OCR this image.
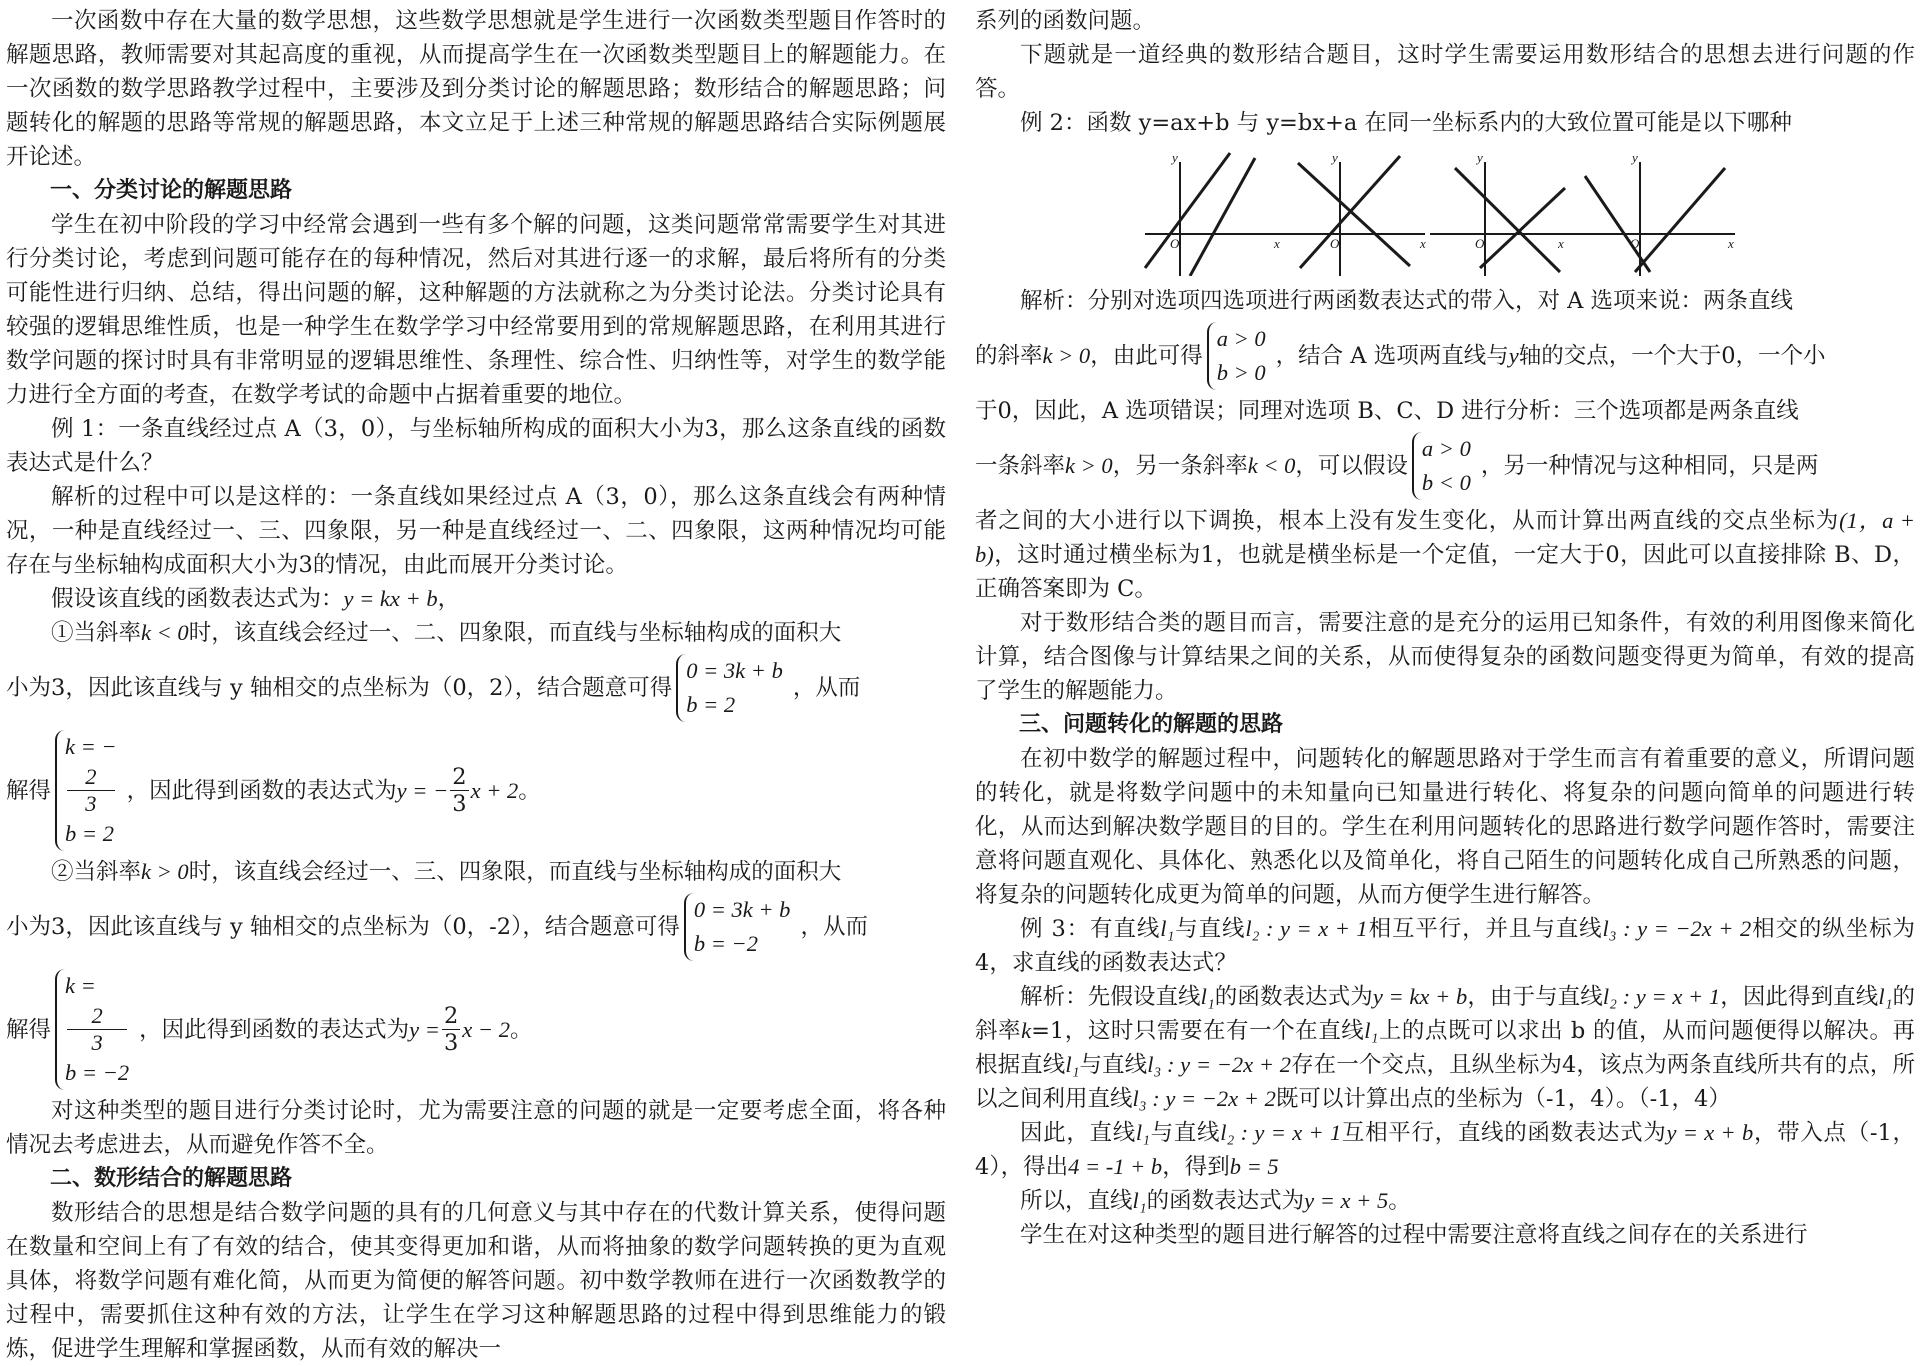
一次函数中存在大量的数学思想，这些数学思想就是学生进行一次函数类型题目作答时的解题思路，教师需要对其起高度的重视，从而提高学生在一次函数类型题目上的解题能力。在一次函数的数学思路教学过程中，主要涉及到分类讨论的解题思路；数形结合的解题思路；问题转化的解题的思路等常规的解题思路，本文立足于上述三种常规的解题思路结合实际例题展开论述。

一、分类讨论的解题思路

学生在初中阶段的学习中经常会遇到一些有多个解的问题，这类问题常常需要学生对其进行分类讨论，考虑到问题可能存在的每种情况，然后对其进行逐一的求解，最后将所有的分类可能性进行归纳、总结，得出问题的解，这种解题的方法就称之为分类讨论法。分类讨论具有较强的逻辑思维性质，也是一种学生在数学学习中经常要用到的常规解题思路，在利用其进行数学问题的探讨时具有非常明显的逻辑思维性、条理性、综合性、归纳性等，对学生的数学能力进行全方面的考查，在数学考试的命题中占据着重要的地位。

例 1：一条直线经过点 A（3，0），与坐标轴所构成的面积大小为3，那么这条直线的函数表达式是什么？

解析的过程中可以是这样的：一条直线如果经过点 A（3，0），那么这条直线会有两种情况，一种是直线经过一、三、四象限，另一种是直线经过一、二、四象限，这两种情况均可能存在与坐标轴构成面积大小为3的情况，由此而展开分类讨论。

假设该直线的函数表达式为：y = kx + b，

①当斜率k < 0时，该直线会经过一、二、四象限，而直线与坐标轴构成的面积大

小为3，因此该直线与 y 轴相交的点坐标为（0，2），结合题意可得
0 = 3k + b
b = 2
，从而

解得
k = −
2
3
b = 2
， 因此得到函数的表达式为 y = − $\frac{2}{3}$ x + 2 。

②当斜率k > 0时，该直线会经过一、三、四象限，而直线与坐标轴构成的面积大

小为3，因此该直线与 y 轴相交的点坐标为（0，-2），结合题意可得
0 = 3k + b
b = −2
，从而

解得
k =
2
3
b = −2
， 因此得到函数的表达式为 $y = \frac{2}{3}$ x − 2 。

对这种类型的题目进行分类讨论时，尤为需要注意的问题的就是一定要考虑全面，将各种情况去考虑进去，从而避免作答不全。

二、数形结合的解题思路

数形结合的思想是结合数学问题的具有的几何意义与其中存在的代数计算关系，使得问题在数量和空间上有了有效的结合，使其变得更加和谐，从而将抽象的数学问题转换的更为直观具体，将数学问题有难化简，从而更为简便的解答问题。初中数学教师在进行一次函数教学的过程中，需要抓住这种有效的方法，让学生在学习这种解题思路的过程中得到思维能力的锻炼，促进学生理解和掌握函数，从而有效的解决一

系列的函数问题。

下题就是一道经典的数形结合题目，这时学生需要运用数形结合的思想去进行问题的作答。

例 2：函数 y=ax+b 与 y=bx+a 在同一坐标系内的大致位置可能是以下哪种

y
O	x
y
O	x
y
O	x
y
O	x

解析：分别对选项四选项进行两函数表达式的带入，对 A 选项来说：两条直线

的斜率 k > 0 ，由此可得
a > 0
b > 0
，结合 A 选项两直线与 y 轴的交点，一个大于0，一个小

于0，因此，A 选项错误；同理对选项 B、C、D 进行分析：三个选项都是两条直线

一条斜率 k > 0 ，另一条斜率 k < 0 ，可以假设
a > 0
b < 0
，另一种情况与这种相同，只是两

者之间的大小进行以下调换，根本上没有发生变化，从而计算出两直线的交点坐标为(1，a + b)，这时通过横坐标为1，也就是横坐标是一个定值，一定大于0，因此可以直接排除 B、D，正确答案即为 C。

对于数形结合类的题目而言，需要注意的是充分的运用已知条件，有效的利用图像来简化计算，结合图像与计算结果之间的关系，从而使得复杂的函数问题变得更为简单，有效的提高了学生的解题能力。

三、问题转化的解题的思路

在初中数学的解题过程中，问题转化的解题思路对于学生而言有着重要的意义，所谓问题的转化，就是将数学问题中的未知量向已知量进行转化、将复杂的问题向简单的问题进行转化，从而达到解决数学题目的目的。学生在利用问题转化的思路进行数学问题作答时，需要注意将问题直观化、具体化、熟悉化以及简单化，将自己陌生的问题转化成自己所熟悉的问题，将复杂的问题转化成更为简单的问题，从而方便学生进行解答。

例 3：有直线l₁与直线l₂ : y = x + 1相互平行，并且与直线l₃ : y = −2x + 2相交的纵坐标为4，求直线的函数表达式？

解析：先假设直线l₁的函数表达式为y = kx + b，由于与直线l₂ : y = x + 1，因此得到直线l₁的斜率k=1，这时只需要在有一个在直线l₁上的点既可以求出 b 的值，从而问题便得以解决。再根据直线l₁与直线l₃ : y = −2x + 2存在一个交点，且纵坐标为4，该点为两条直线所共有的点，所以之间利用直线l₃ : y = −2x + 2既可以计算出点的坐标为（-1，4）。（-1，4）

因此，直线l₁与直线l₂ : y = x + 1互相平行，直线的函数表达式为y = x + b，带入点（-1，4），得出4 = -1 + b，得到b = 5

所以，直线l₁的函数表达式为y = x + 5。

学生在对这种类型的题目进行解答的过程中需要注意将直线之间存在的关系进行
